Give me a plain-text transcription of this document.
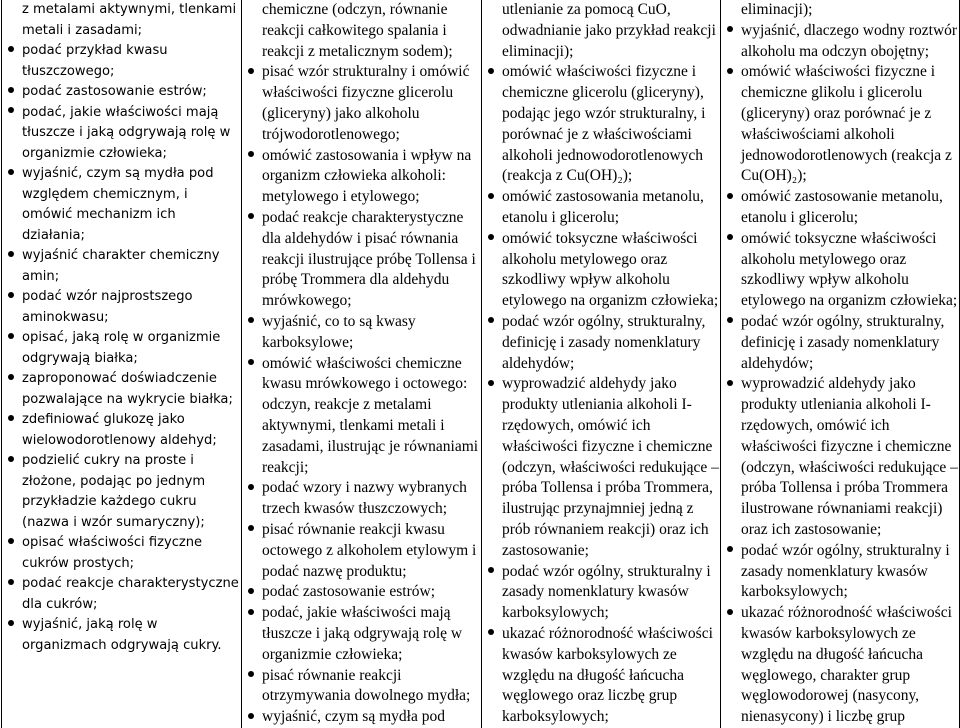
z metalami aktywnymi, tlenkami metali i zasadami;
podać przykład kwasu tłuszczowego;
podać zastosowanie estrów;
podać, jakie właściwości mają tłuszcze i jaką odgrywają rolę w organizmie człowieka;
wyjaśnić, czym są mydła pod względem chemicznym, i omówić mechanizm ich działania;
wyjaśnić charakter chemiczny amin;
podać wzór najprostszego aminokwasu;
opisać, jaką rolę w organizmie odgrywają białka;
zaproponować doświadczenie pozwalające na wykrycie białka;
zdefiniować glukozę jako wielowodorotlenowy aldehyd;
podzielić cukry na proste i złożone, podając po jednym przykładzie każdego cukru (nazwa i wzór sumaryczny);
opisać właściwości fizyczne cukrów prostych;
podać reakcje charakterystyczne dla cukrów;
wyjaśnić, jaką rolę w organizmach odgrywają cukry.

chemiczne (odczyn, równanie reakcji całkowitego spalania i reakcji z metalicznym sodem);
pisać wzór strukturalny i omówić właściwości fizyczne glicerolu (gliceryny) jako alkoholu trójwodorotlenowego;
omówić zastosowania i wpływ na organizm człowieka alkoholi: metylowego i etylowego;
podać reakcje charakterystyczne dla aldehydów i pisać równania reakcji ilustrujące próbę Tollensa i próbę Trommera dla aldehydu mrówkowego;
wyjaśnić, co to są kwasy karboksylowe;
omówić właściwości chemiczne kwasu mrówkowego i octowego: odczyn, reakcje z metalami aktywnymi, tlenkami metali i zasadami, ilustrując je równaniami reakcji;
podać wzory i nazwy wybranych trzech kwasów tłuszczowych;
pisać równanie reakcji kwasu octowego z alkoholem etylowym i podać nazwę produktu;
podać zastosowanie estrów;
podać, jakie właściwości mają tłuszcze i jaką odgrywają rolę w organizmie człowieka;
pisać równanie reakcji otrzymywania dowolnego mydła;
wyjaśnić, czym są mydła pod

utlenianie za pomocą CuO, odwadnianie jako przykład reakcji eliminacji);
omówić właściwości fizyczne i chemiczne glicerolu (gliceryny), podając jego wzór strukturalny, i porównać je z właściwościami alkoholi jednowodorotlenowych (reakcja z Cu(OH)₂);
omówić zastosowania metanolu, etanolu i glicerolu;
omówić toksyczne właściwości alkoholu metylowego oraz szkodliwy wpływ alkoholu etylowego na organizm człowieka;
podać wzór ogólny, strukturalny, definicję i zasady nomenklatury aldehydów;
wyprowadzić aldehydy jako produkty utleniania alkoholi I-rzędowych, omówić ich właściwości fizyczne i chemiczne (odczyn, właściwości redukujące – próba Tollensa i próba Trommera, ilustrując przynajmniej jedną z prób równaniem reakcji) oraz ich zastosowanie;
podać wzór ogólny, strukturalny i zasady nomenklatury kwasów karboksylowych;
ukazać różnorodność właściwości kwasów karboksylowych ze względu na długość łańcucha węglowego oraz liczbę grup karboksylowych;

eliminacji);
wyjaśnić, dlaczego wodny roztwór alkoholu ma odczyn obojętny;
omówić właściwości fizyczne i chemiczne glikolu i glicerolu (gliceryny) oraz porównać je z właściwościami alkoholi jednowodorotlenowych (reakcja z Cu(OH)₂);
omówić zastosowanie metanolu, etanolu i glicerolu;
omówić toksyczne właściwości alkoholu metylowego oraz szkodliwy wpływ alkoholu etylowego na organizm człowieka;
podać wzór ogólny, strukturalny, definicję i zasady nomenklatury aldehydów;
wyprowadzić aldehydy jako produkty utleniania alkoholi I-rzędowych, omówić ich właściwości fizyczne i chemiczne (odczyn, właściwości redukujące – próba Tollensa i próba Trommera ilustrowane równaniami reakcji) oraz ich zastosowanie;
podać wzór ogólny, strukturalny i zasady nomenklatury kwasów karboksylowych;
ukazać różnorodność właściwości kwasów karboksylowych ze względu na długość łańcucha węglowego, charakter grup węglowodorowej (nasycony, nienasycony) i liczbę grup
